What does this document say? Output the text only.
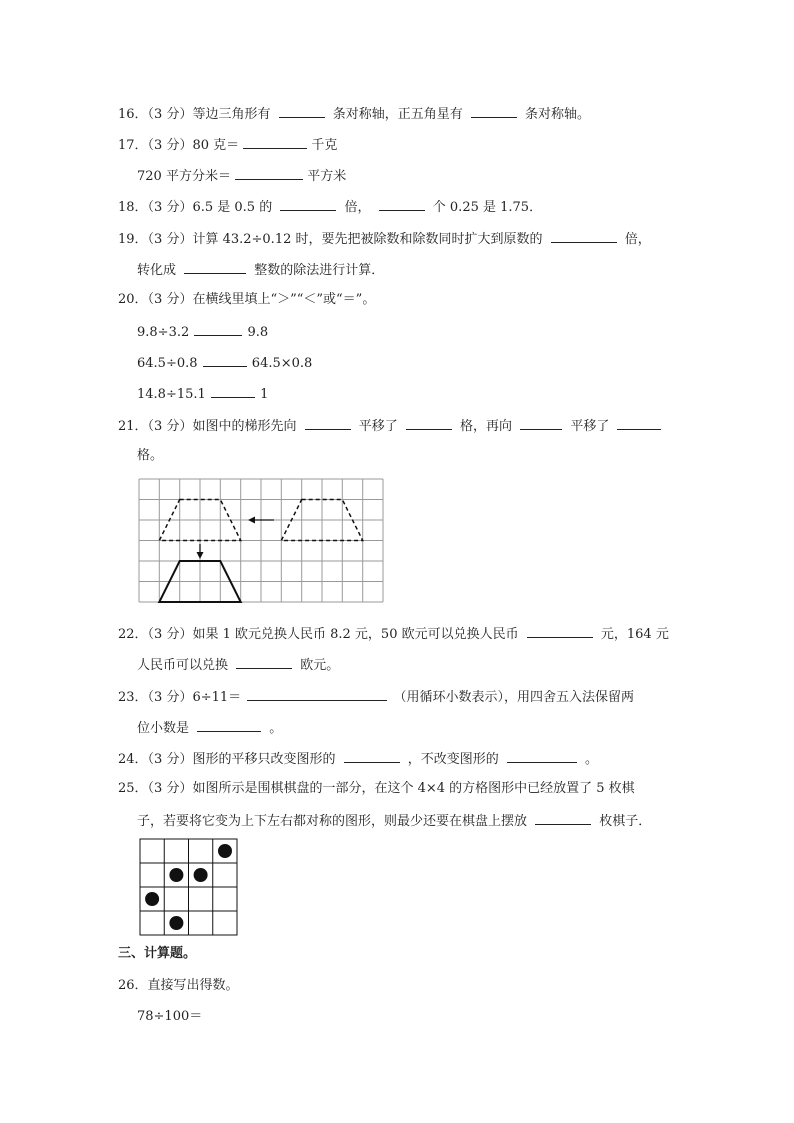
16．（3 分）等边三角形有	条对称轴，正五角星有	条对称轴。
17．（3 分）80 克＝	千克
720 平方分米＝	平方米
18．（3 分）6.5 是 0.5 的	倍，	个 0.25 是 1.75．
19．（3 分）计算 43.2÷0.12 时，要先把被除数和除数同时扩大到原数的	倍，
转化成	整数的除法进行计算．
20．（3 分）在横线里填上“＞”“＜”或“＝”。
9.8÷3.2	9.8
64.5÷0.8	64.5×0.8
14.8÷15.1	1
21．（3 分）如图中的梯形先向	平移了	格，再向	平移了
格。
22．（3 分）如果 1 欧元兑换人民币 8.2 元，50 欧元可以兑换人民币	元，164 元
人民币可以兑换	欧元。
23．（3 分）6÷11＝	（用循环小数表示），用四舍五入法保留两
位小数是	。
24．（3 分）图形的平移只改变图形的	，不改变图形的	。
25．（3 分）如图所示是围棋棋盘的一部分，在这个 4×4 的方格图形中已经放置了 5 枚棋
子，若要将它变为上下左右都对称的图形，则最少还要在棋盘上摆放	枚棋子．
三、计算题。
26．直接写出得数。
78÷100＝
